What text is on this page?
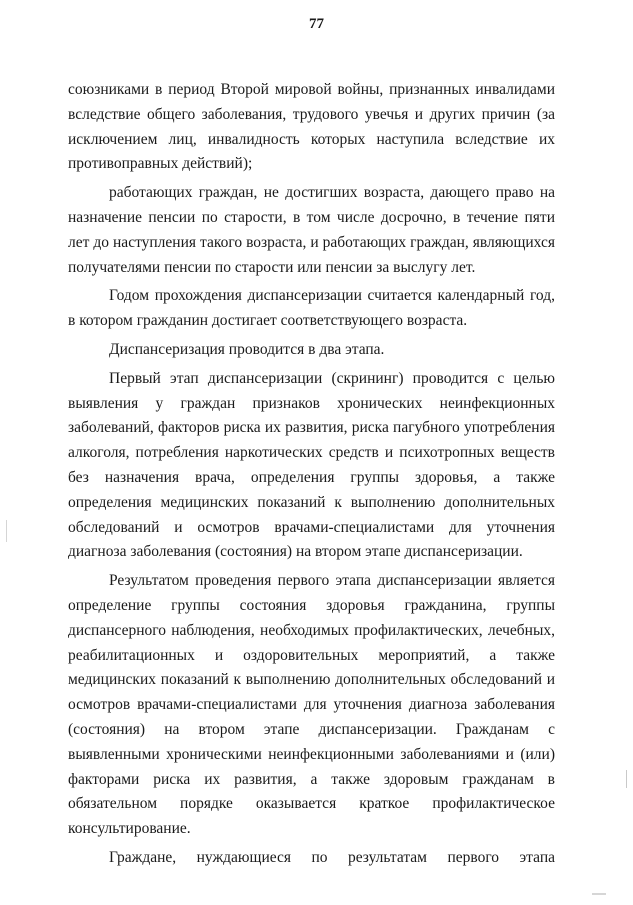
77

союзниками в период Второй мировой войны, признанных инвалидами вследствие общего заболевания, трудового увечья и других причин (за исключением лиц, инвалидность которых наступила вследствие их противоправных действий);

работающих граждан, не достигших возраста, дающего право на назначение пенсии по старости, в том числе досрочно, в течение пяти лет до наступления такого возраста, и работающих граждан, являющихся получателями пенсии по старости или пенсии за выслугу лет.

Годом прохождения диспансеризации считается календарный год, в котором гражданин достигает соответствующего возраста.

Диспансеризация проводится в два этапа.

Первый этап диспансеризации (скрининг) проводится с целью выявления у граждан признаков хронических неинфекционных заболеваний, факторов риска их развития, риска пагубного употребления алкоголя, потребления наркотических средств и психотропных веществ без назначения врача, определения группы здоровья, а также определения медицинских показаний к выполнению дополнительных обследований и осмотров врачами-специалистами для уточнения диагноза заболевания (состояния) на втором этапе диспансеризации.

Результатом проведения первого этапа диспансеризации является определение группы состояния здоровья гражданина, группы диспансерного наблюдения, необходимых профилактических, лечебных, реабилитационных и оздоровительных мероприятий, а также медицинских показаний к выполнению дополнительных обследований и осмотров врачами-специалистами для уточнения диагноза заболевания (состояния) на втором этапе диспансеризации. Гражданам с выявленными хроническими неинфекционными заболеваниями и (или) факторами риска их развития, а также здоровым гражданам в обязательном порядке оказывается краткое профилактическое консультирование.

Граждане, нуждающиеся по результатам первого этапа
